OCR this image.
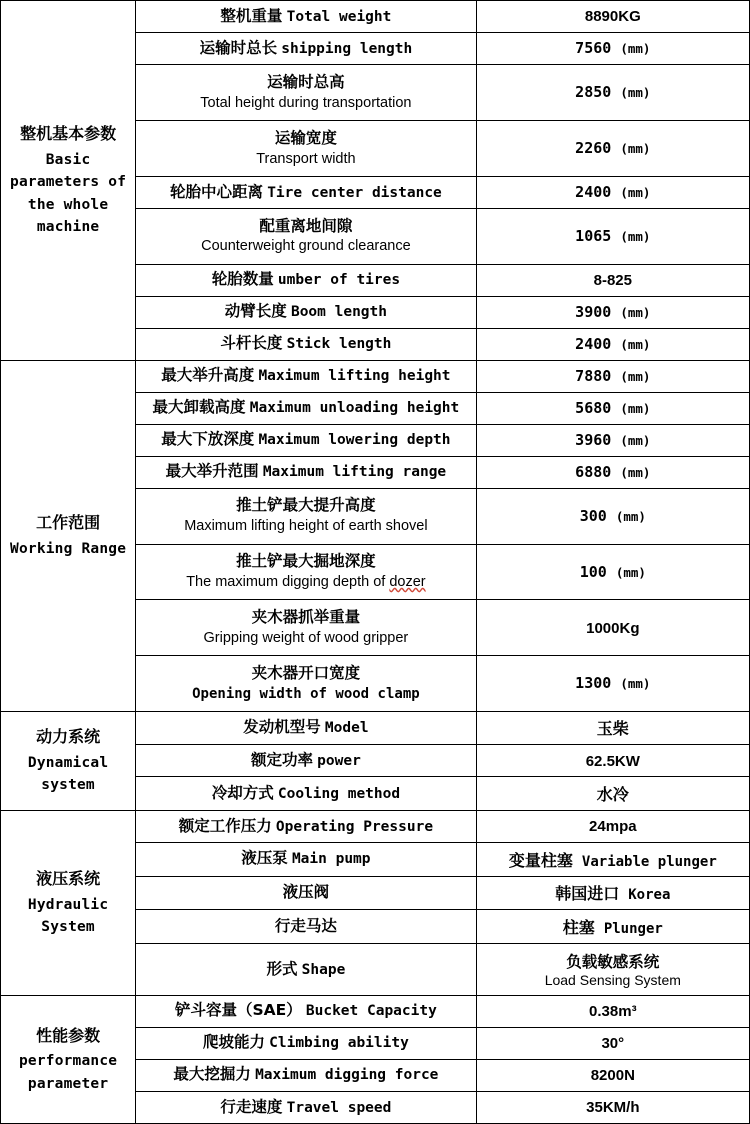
整机基本参数
Basic parameters of the whole machine	整机重量 Total weight	8890KG
	运输时总长 shipping length	7560 (mm)

	运输时总高
Total height during transportation	2850 (mm)

	运输宽度
Transport width	2260 (mm)
	轮胎中心距离 Tire center distance	2400 (mm)

	配重离地间隙
Counterweight ground clearance	1065 (mm)
	轮胎数量 umber of tires	8-825
	动臂长度 Boom length	3900 (mm)
	斗杆长度 Stick length	2400 (mm)

工作范围
Working Range	最大举升高度 Maximum lifting height	7880 (mm)
	最大卸载高度 Maximum unloading height	5680 (mm)
	最大下放深度 Maximum lowering depth	3960 (mm)
	最大举升范围 Maximum lifting range	6880 (mm)

	推土铲最大提升高度
Maximum lifting height of earth shovel	300 (mm)

	推土铲最大掘地深度
The maximum digging depth of dozer	100 (mm)

	夹木器抓举重量
Gripping weight of wood gripper	1000Kg

	夹木器开口宽度
Opening width of wood clamp	1300 (mm)

动力系统
Dynamical system	发动机型号 Model	玉柴
	额定功率 power	62.5KW
	冷却方式 Cooling method	水冷

液压系统
Hydraulic System	额定工作压力 Operating Pressure	24mpa
	液压泵 Main pump	变量柱塞 Variable plunger
	液压阀	韩国进口 Korea
	行走马达	柱塞 Plunger
	形式 Shape	负载敏感系统
Load Sensing System

性能参数
performance parameter	铲斗容量（SAE） Bucket Capacity	0.38m³
	爬坡能力 Climbing ability	30°
	最大挖掘力 Maximum digging force	8200N
	行走速度 Travel speed	35KM/h
